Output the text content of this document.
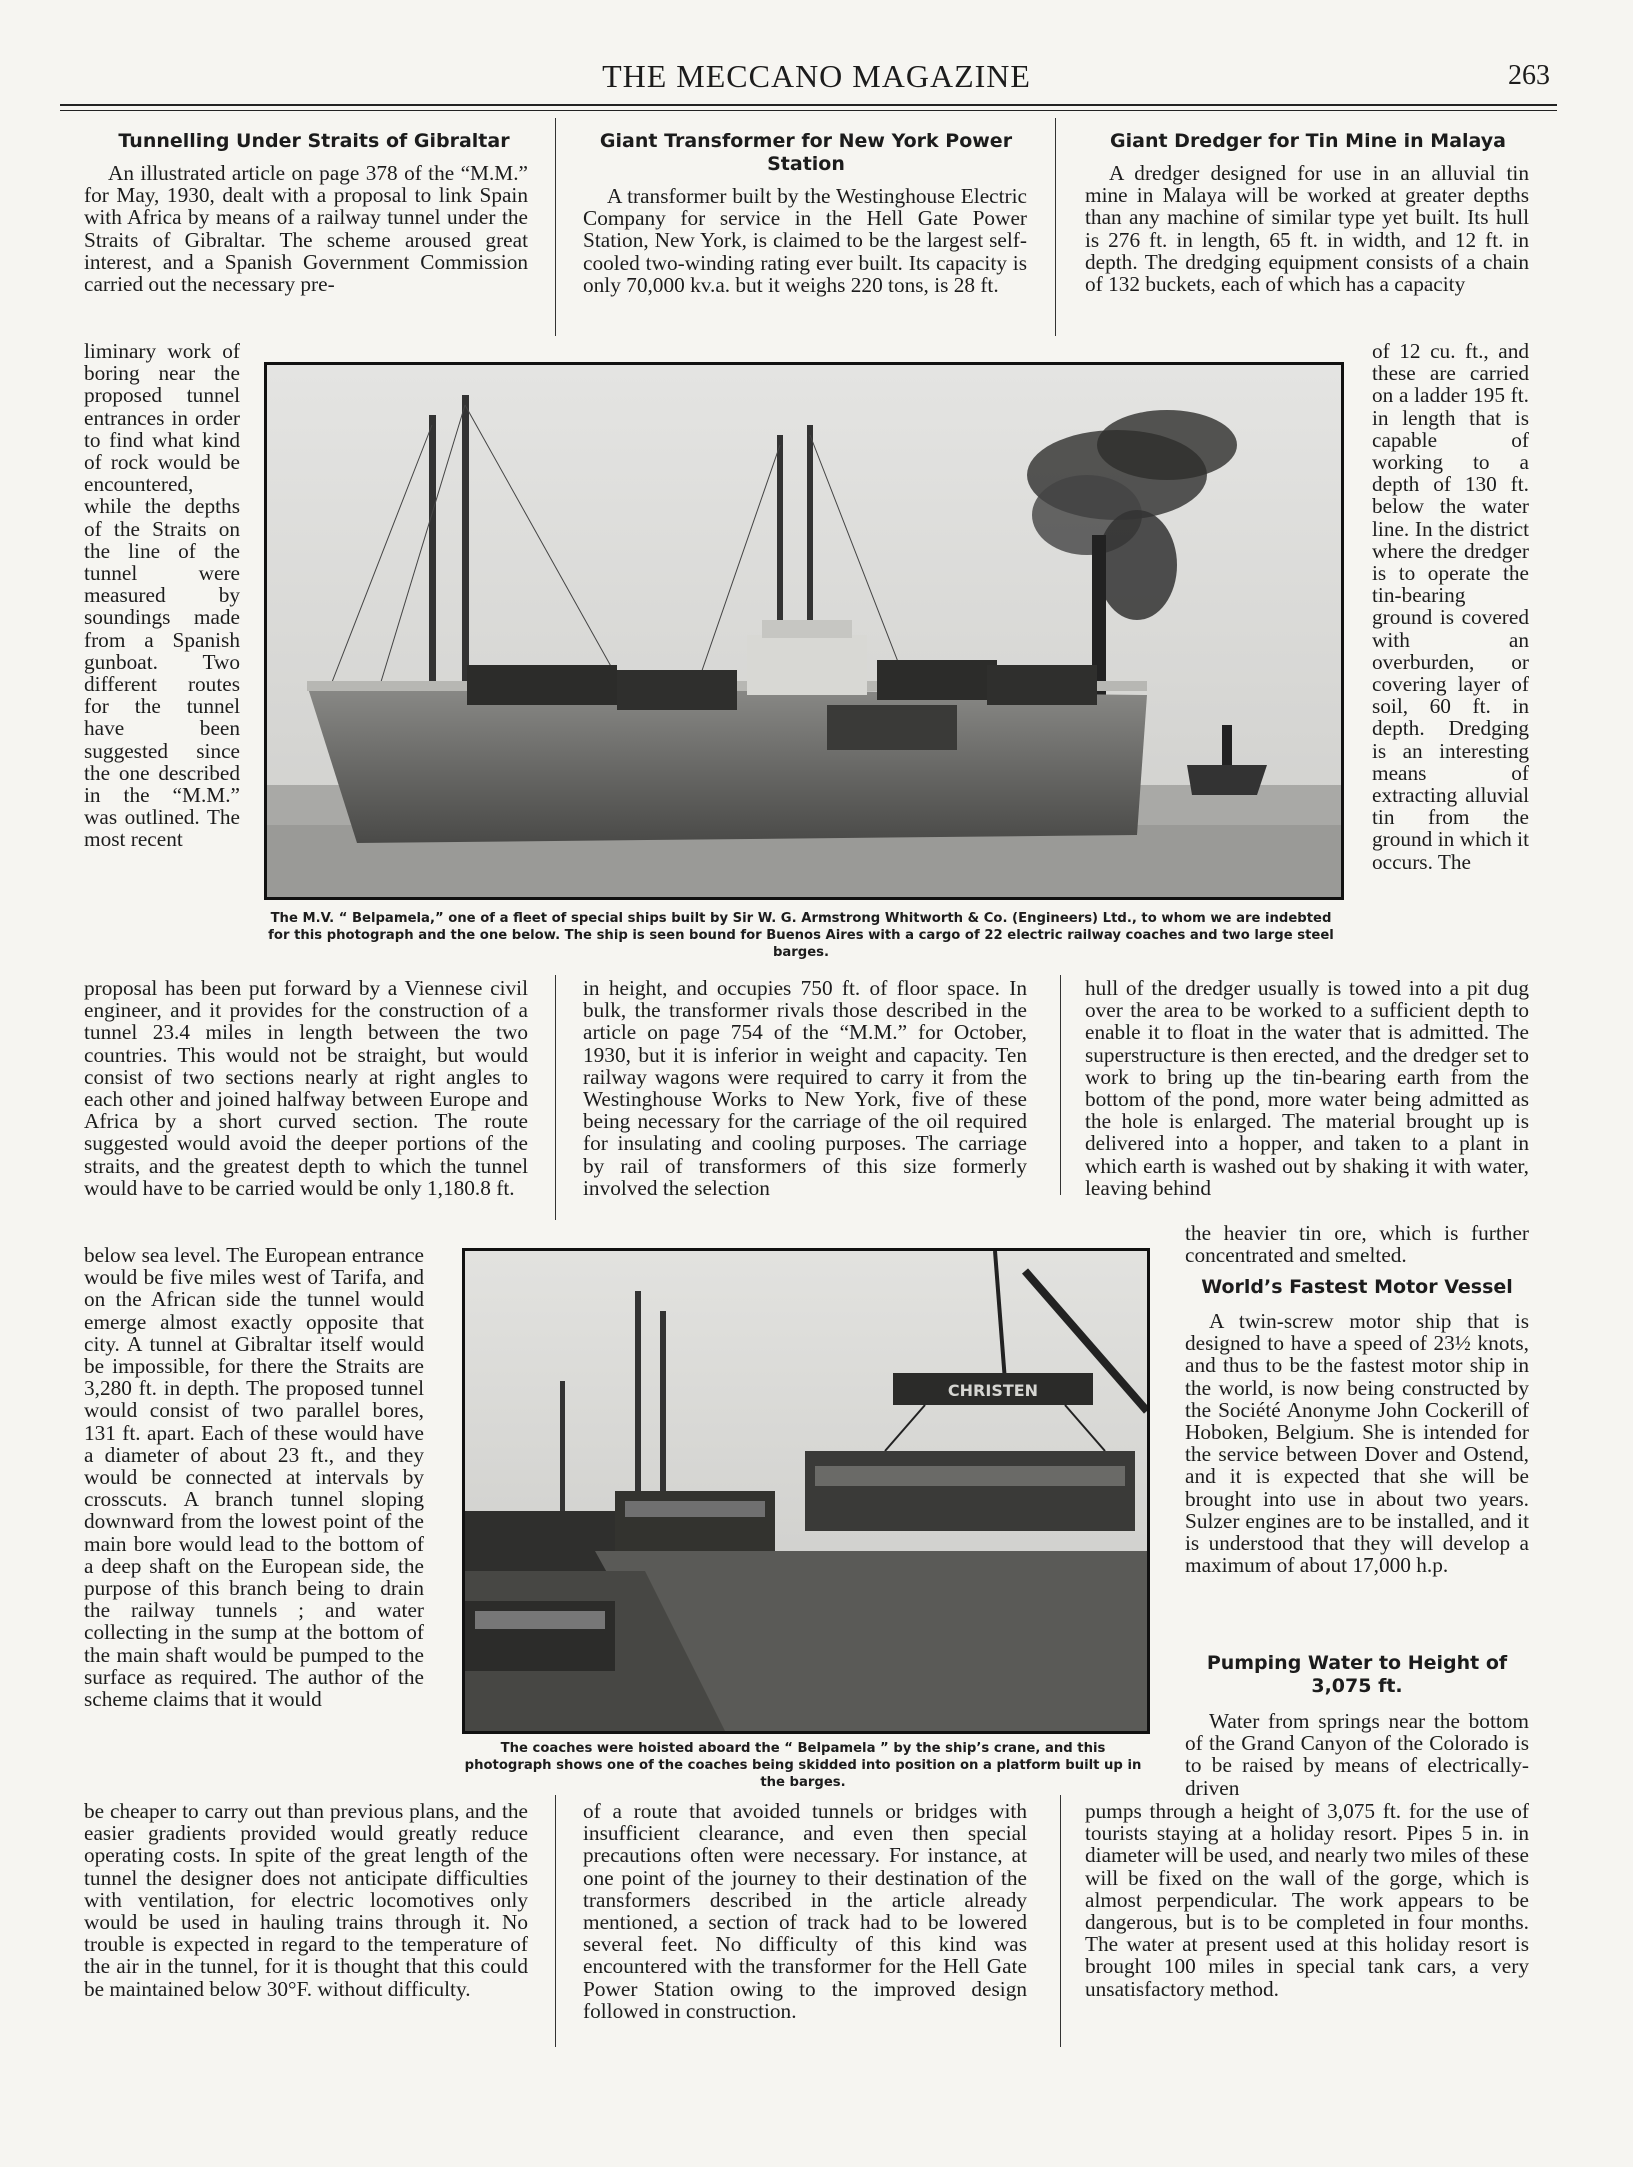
THE MECCANO MAGAZINE	263
Tunnelling Under Straits of Gibraltar
An illustrated article on page 378 of the “M.M.” for May, 1930, dealt with a proposal to link Spain with Africa by means of a railway tunnel under the Straits of Gibraltar. The scheme aroused great interest, and a Spanish Government Commission carried out the necessary pre-
liminary work of boring near the proposed tunnel entrances in order to find what kind of rock would be encountered, while the depths of the Straits on the line of the tunnel were measured by soundings made from a Spanish gunboat. Two different routes for the tunnel have been suggested since the one described in the “M.M.” was outlined. The most recent
proposal has been put forward by a Viennese civil engineer, and it provides for the construction of a tunnel 23.4 miles in length between the two countries. This would not be straight, but would consist of two sections nearly at right angles to each other and joined halfway between Europe and Africa by a short curved section. The route suggested would avoid the deeper portions of the straits, and the greatest depth to which the tunnel would have to be carried would be only 1,180.8 ft.
below sea level. The European entrance would be five miles west of Tarifa, and on the African side the tunnel would emerge almost exactly opposite that city. A tunnel at Gibraltar itself would be impossible, for there the Straits are 3,280 ft. in depth. The proposed tunnel would consist of two parallel bores, 131 ft. apart. Each of these would have a diameter of about 23 ft., and they would be connected at intervals by crosscuts. A branch tunnel sloping downward from the lowest point of the main bore would lead to the bottom of a deep shaft on the European side, the purpose of this branch being to drain the railway tunnels ; and water collecting in the sump at the bottom of the main shaft would be pumped to the surface as required. The author of the scheme claims that it would
be cheaper to carry out than previous plans, and the easier gradients provided would greatly reduce operating costs. In spite of the great length of the tunnel the designer does not anticipate difficulties with ventilation, for electric locomotives only would be used in hauling trains through it. No trouble is expected in regard to the temperature of the air in the tunnel, for it is thought that this could be maintained below 30°F. without difficulty.
Giant Transformer for New York Power Station
A transformer built by the Westinghouse Electric Company for service in the Hell Gate Power Station, New York, is claimed to be the largest self-cooled two-winding rating ever built. Its capacity is only 70,000 kv.a. but it weighs 220 tons, is 28 ft.
in height, and occupies 750 ft. of floor space. In bulk, the transformer rivals those described in the article on page 754 of the “M.M.” for October, 1930, but it is inferior in weight and capacity. Ten railway wagons were required to carry it from the Westinghouse Works to New York, five of these being necessary for the carriage of the oil required for insulating and cooling purposes. The carriage by rail of transformers of this size formerly involved the selection
of a route that avoided tunnels or bridges with insufficient clearance, and even then special precautions often were necessary. For instance, at one point of the journey to their destination of the transformers described in the article already mentioned, a section of track had to be lowered several feet. No difficulty of this kind was encountered with the transformer for the Hell Gate Power Station owing to the improved design followed in construction.
Giant Dredger for Tin Mine in Malaya
A dredger designed for use in an alluvial tin mine in Malaya will be worked at greater depths than any machine of similar type yet built. Its hull is 276 ft. in length, 65 ft. in width, and 12 ft. in depth. The dredging equipment consists of a chain of 132 buckets, each of which has a capacity
of 12 cu. ft., and these are carried on a ladder 195 ft. in length that is capable of working to a depth of 130 ft. below the water line. In the district where the dredger is to operate the tin-bearing ground is covered with an overburden, or covering layer of soil, 60 ft. in depth. Dredging is an interesting means of extracting alluvial tin from the ground in which it occurs. The
hull of the dredger usually is towed into a pit dug over the area to be worked to a sufficient depth to enable it to float in the water that is admitted. The superstructure is then erected, and the dredger set to work to bring up the tin-bearing earth from the bottom of the pond, more water being admitted as the hole is enlarged. The material brought up is delivered into a hopper, and taken to a plant in which earth is washed out by shaking it with water, leaving behind
the heavier tin ore, which is further concentrated and smelted.
World’s Fastest Motor Vessel
A twin-screw motor ship that is designed to have a speed of 23½ knots, and thus to be the fastest motor ship in the world, is now being constructed by the Société Anonyme John Cockerill of Hoboken, Belgium. She is intended for the service between Dover and Ostend, and it is expected that she will be brought into use in about two years. Sulzer engines are to be installed, and it is understood that they will develop a maximum of about 17,000 h.p.
Pumping Water to Height of 3,075 ft.
Water from springs near the bottom of the Grand Canyon of the Colorado is to be raised by means of electrically-driven
pumps through a height of 3,075 ft. for the use of tourists staying at a holiday resort. Pipes 5 in. in diameter will be used, and nearly two miles of these will be fixed on the wall of the gorge, which is almost perpendicular. The work appears to be dangerous, but is to be completed in four months. The water at present used at this holiday resort is brought 100 miles in special tank cars, a very unsatisfactory method.
The M.V. “ Belpamela,” one of a fleet of special ships built by Sir W. G. Armstrong Whitworth & Co. (Engineers) Ltd., to whom we are indebted for this photograph and the one below. The ship is seen bound for Buenos Aires with a cargo of 22 electric railway coaches and two large steel barges.
CHRISTEN
The coaches were hoisted aboard the “ Belpamela ” by the ship’s crane, and this photograph shows one of the coaches being skidded into position on a platform built up in the barges.
